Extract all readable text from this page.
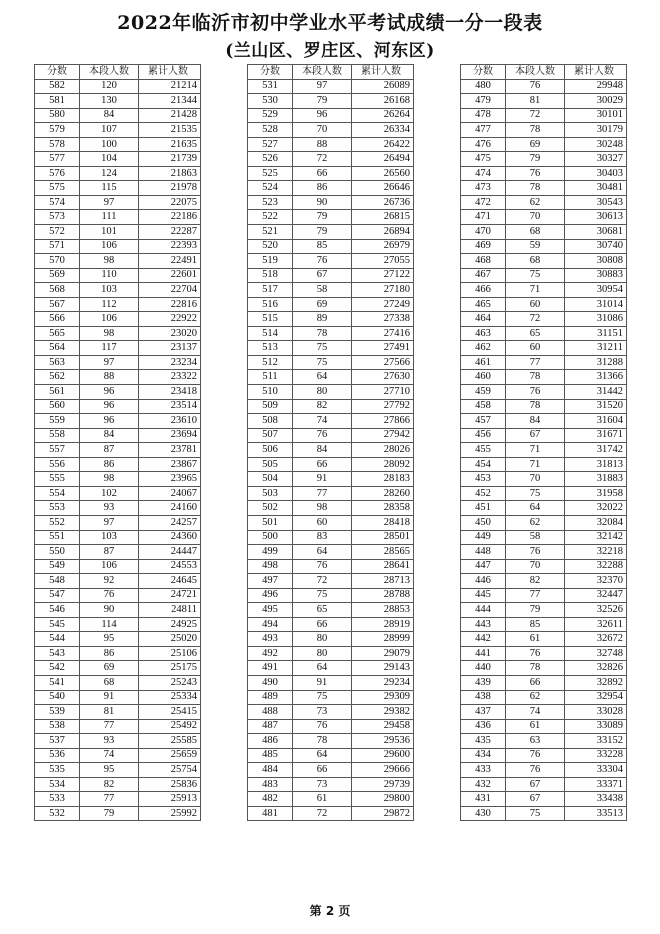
2022年临沂市初中学业水平考试成绩一分一段表
(兰山区、罗庄区、河东区)
分数	本段人数	累计人数
582	120	21214
581	130	21344
580	84	21428
579	107	21535
578	100	21635
577	104	21739
576	124	21863
575	115	21978
574	97	22075
573	111	22186
572	101	22287
571	106	22393
570	98	22491
569	110	22601
568	103	22704
567	112	22816
566	106	22922
565	98	23020
564	117	23137
563	97	23234
562	88	23322
561	96	23418
560	96	23514
559	96	23610
558	84	23694
557	87	23781
556	86	23867
555	98	23965
554	102	24067
553	93	24160
552	97	24257
551	103	24360
550	87	24447
549	106	24553
548	92	24645
547	76	24721
546	90	24811
545	114	24925
544	95	25020
543	86	25106
542	69	25175
541	68	25243
540	91	25334
539	81	25415
538	77	25492
537	93	25585
536	74	25659
535	95	25754
534	82	25836
533	77	25913
532	79	25992
分数	本段人数	累计人数
531	97	26089
530	79	26168
529	96	26264
528	70	26334
527	88	26422
526	72	26494
525	66	26560
524	86	26646
523	90	26736
522	79	26815
521	79	26894
520	85	26979
519	76	27055
518	67	27122
517	58	27180
516	69	27249
515	89	27338
514	78	27416
513	75	27491
512	75	27566
511	64	27630
510	80	27710
509	82	27792
508	74	27866
507	76	27942
506	84	28026
505	66	28092
504	91	28183
503	77	28260
502	98	28358
501	60	28418
500	83	28501
499	64	28565
498	76	28641
497	72	28713
496	75	28788
495	65	28853
494	66	28919
493	80	28999
492	80	29079
491	64	29143
490	91	29234
489	75	29309
488	73	29382
487	76	29458
486	78	29536
485	64	29600
484	66	29666
483	73	29739
482	61	29800
481	72	29872
分数	本段人数	累计人数
480	76	29948
479	81	30029
478	72	30101
477	78	30179
476	69	30248
475	79	30327
474	76	30403
473	78	30481
472	62	30543
471	70	30613
470	68	30681
469	59	30740
468	68	30808
467	75	30883
466	71	30954
465	60	31014
464	72	31086
463	65	31151
462	60	31211
461	77	31288
460	78	31366
459	76	31442
458	78	31520
457	84	31604
456	67	31671
455	71	31742
454	71	31813
453	70	31883
452	75	31958
451	64	32022
450	62	32084
449	58	32142
448	76	32218
447	70	32288
446	82	32370
445	77	32447
444	79	32526
443	85	32611
442	61	32672
441	76	32748
440	78	32826
439	66	32892
438	62	32954
437	74	33028
436	61	33089
435	63	33152
434	76	33228
433	76	33304
432	67	33371
431	67	33438
430	75	33513
第 2 页
